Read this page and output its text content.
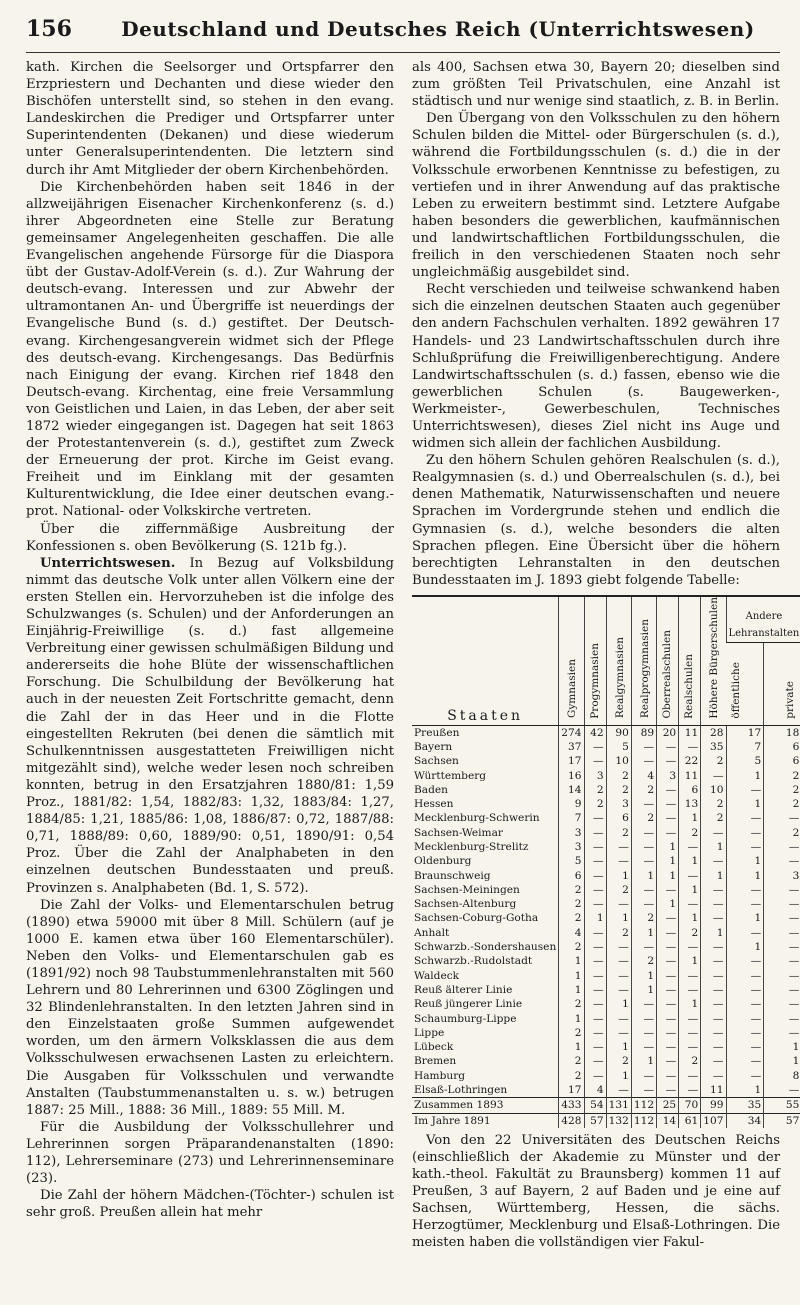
156	Deutschland und Deutsches Reich (Unterrichtswesen)

kath. Kirchen die Seelsorger und Ortspfarrer den Erzpriestern und Dechanten und diese wieder den Bischöfen unterstellt sind, so stehen in den evang. Landeskirchen die Prediger und Ortspfarrer unter Superintendenten (Dekanen) und diese wiederum unter Generalsuperintendenten. Die letztern sind durch ihr Amt Mitglieder der obern Kirchenbehörden.

Die Kirchenbehörden haben seit 1846 in der allzweijährigen Eisenacher Kirchenkonferenz (s. d.) ihrer Abgeordneten eine Stelle zur Beratung gemeinsamer Angelegenheiten geschaffen. Die alle Evangelischen angehende Fürsorge für die Diaspora übt der Gustav-Adolf-Verein (s. d.). Zur Wahrung der deutsch-evang. Interessen und zur Abwehr der ultramontanen An- und Übergriffe ist neuerdings der Evangelische Bund (s. d.) gestiftet. Der Deutsch-evang. Kirchengesangverein widmet sich der Pflege des deutsch-evang. Kirchengesangs. Das Bedürfnis nach Einigung der evang. Kirchen rief 1848 den Deutsch-evang. Kirchentag, eine freie Versammlung von Geistlichen und Laien, in das Leben, der aber seit 1872 wieder eingegangen ist. Dagegen hat seit 1863 der Protestantenverein (s. d.), gestiftet zum Zweck der Erneuerung der prot. Kirche im Geist evang. Freiheit und im Einklang mit der gesamten Kulturentwicklung, die Idee einer deutschen evang.-prot. National- oder Volkskirche vertreten.

Über die ziffernmäßige Ausbreitung der Konfessionen s. oben Bevölkerung (S. 121b fg.).

Unterrichtswesen. In Bezug auf Volksbildung nimmt das deutsche Volk unter allen Völkern eine der ersten Stellen ein. Hervorzuheben ist die infolge des Schulzwanges (s. Schulen) und der Anforderungen an Einjährig-Freiwillige (s. d.) fast allgemeine Verbreitung einer gewissen schulmäßigen Bildung und andererseits die hohe Blüte der wissenschaftlichen Forschung. Die Schulbildung der Bevölkerung hat auch in der neuesten Zeit Fortschritte gemacht, denn die Zahl der in das Heer und in die Flotte eingestellten Rekruten (bei denen die sämtlich mit Schulkenntnissen ausgestatteten Freiwilligen nicht mitgezählt sind), welche weder lesen noch schreiben konnten, betrug in den Ersatzjahren 1880/81: 1,59 Proz., 1881/82: 1,54, 1882/83: 1,32, 1883/84: 1,27, 1884/85: 1,21, 1885/86: 1,08, 1886/87: 0,72, 1887/88: 0,71, 1888/89: 0,60, 1889/90: 0,51, 1890/91: 0,54 Proz. Über die Zahl der Analphabeten in den einzelnen deutschen Bundesstaaten und preuß. Provinzen s. Analphabeten (Bd. 1, S. 572).

Die Zahl der Volks- und Elementarschulen betrug (1890) etwa 59000 mit über 8 Mill. Schülern (auf je 1000 E. kamen etwa über 160 Elementarschüler). Neben den Volks- und Elementarschulen gab es (1891/92) noch 98 Taubstummenlehranstalten mit 560 Lehrern und 80 Lehrerinnen und 6300 Zöglingen und 32 Blindenlehranstalten. In den letzten Jahren sind in den Einzelstaaten große Summen aufgewendet worden, um den ärmern Volksklassen die aus dem Volksschulwesen erwachsenen Lasten zu erleichtern. Die Ausgaben für Volksschulen und verwandte Anstalten (Taubstummenanstalten u. s. w.) betrugen 1887: 25 Mill., 1888: 36 Mill., 1889: 55 Mill. M.

Für die Ausbildung der Volksschullehrer und Lehrerinnen sorgen Präparandenanstalten (1890: 112), Lehrerseminare (273) und Lehrerinnenseminare (23).

Die Zahl der höhern Mädchen-(Töchter-) schulen ist sehr groß. Preußen allein hat mehr

als 400, Sachsen etwa 30, Bayern 20; dieselben sind zum größten Teil Privatschulen, eine Anzahl ist städtisch und nur wenige sind staatlich, z. B. in Berlin.

Den Übergang von den Volksschulen zu den höhern Schulen bilden die Mittel- oder Bürgerschulen (s. d.), während die Fortbildungsschulen (s. d.) die in der Volksschule erworbenen Kenntnisse zu befestigen, zu vertiefen und in ihrer Anwendung auf das praktische Leben zu erweitern bestimmt sind. Letztere Aufgabe haben besonders die gewerblichen, kaufmännischen und landwirtschaftlichen Fortbildungsschulen, die freilich in den verschiedenen Staaten noch sehr ungleichmäßig ausgebildet sind.

Recht verschieden und teilweise schwankend haben sich die einzelnen deutschen Staaten auch gegenüber den andern Fachschulen verhalten. 1892 gewähren 17 Handels- und 23 Landwirtschaftsschulen durch ihre Schlußprüfung die Freiwilligenberechtigung. Andere Landwirtschaftsschulen (s. d.) fassen, ebenso wie die gewerblichen Schulen (s. Baugewerken-, Werkmeister-, Gewerbeschulen, Technisches Unterrichtswesen), dieses Ziel nicht ins Auge und widmen sich allein der fachlichen Ausbildung.

Zu den höhern Schulen gehören Realschulen (s. d.), Realgymnasien (s. d.) und Oberrealschulen (s. d.), bei denen Mathematik, Naturwissenschaften und neuere Sprachen im Vordergrunde stehen und endlich die Gymnasien (s. d.), welche besonders die alten Sprachen pflegen. Eine Übersicht über die höhern berechtigten Lehranstalten in den deutschen Bundesstaaten im J. 1893 giebt folgende Tabelle:

Staaten	Gymnasien	Progymnasien	Realgymnasien	Realprogymnasien	Oberrealschulen	Realschulen	Höhere Bürgerschulen	Andere Lehranstalten	
								öffentliche	private
Preußen	274	42	90	89	20	11	28	17	18
Bayern	37	—	5	—	—	—	35	7	6
Sachsen	17	—	10	—	—	22	2	5	6
Württemberg	16	3	2	4	3	11	—	1	2
Baden	14	2	2	2	—	6	10	—	2
Hessen	9	2	3	—	—	13	2	1	2
Mecklenburg-Schwerin	7	—	6	2	—	1	2	—	—
Sachsen-Weimar	3	—	2	—	—	2	—	—	2
Mecklenburg-Strelitz	3	—	—	—	1	—	1	—	—
Oldenburg	5	—	—	—	1	1	—	1	—
Braunschweig	6	—	1	1	1	—	1	1	3
Sachsen-Meiningen	2	—	2	—	—	1	—	—	—
Sachsen-Altenburg	2	—	—	—	1	—	—	—	—
Sachsen-Coburg-Gotha	2	1	1	2	—	1	—	1	—
Anhalt	4	—	2	1	—	2	1	—	—
Schwarzb.-Sondershausen	2	—	—	—	—	—	—	1	—
Schwarzb.-Rudolstadt	1	—	—	2	—	1	—	—	—
Waldeck	1	—	—	1	—	—	—	—	—
Reuß älterer Linie	1	—	—	1	—	—	—	—	—
Reuß jüngerer Linie	2	—	1	—	—	1	—	—	—
Schaumburg-Lippe	1	—	—	—	—	—	—	—	—
Lippe	2	—	—	—	—	—	—	—	—
Lübeck	1	—	1	—	—	—	—	—	1
Bremen	2	—	2	1	—	2	—	—	1
Hamburg	2	—	1	—	—	—	—	—	8
Elsaß-Lothringen	17	4	—	—	—	—	11	1	—
Zusammen 1893	433	54	131	112	25	70	99	35	55
Im Jahre 1891	428	57	132	112	14	61	107	34	57

Von den 22 Universitäten des Deutschen Reichs (einschließlich der Akademie zu Münster und der kath.-theol. Fakultät zu Braunsberg) kommen 11 auf Preußen, 3 auf Bayern, 2 auf Baden und je eine auf Sachsen, Württemberg, Hessen, die sächs. Herzogtümer, Mecklenburg und Elsaß-Lothringen. Die meisten haben die vollständigen vier Fakul-
